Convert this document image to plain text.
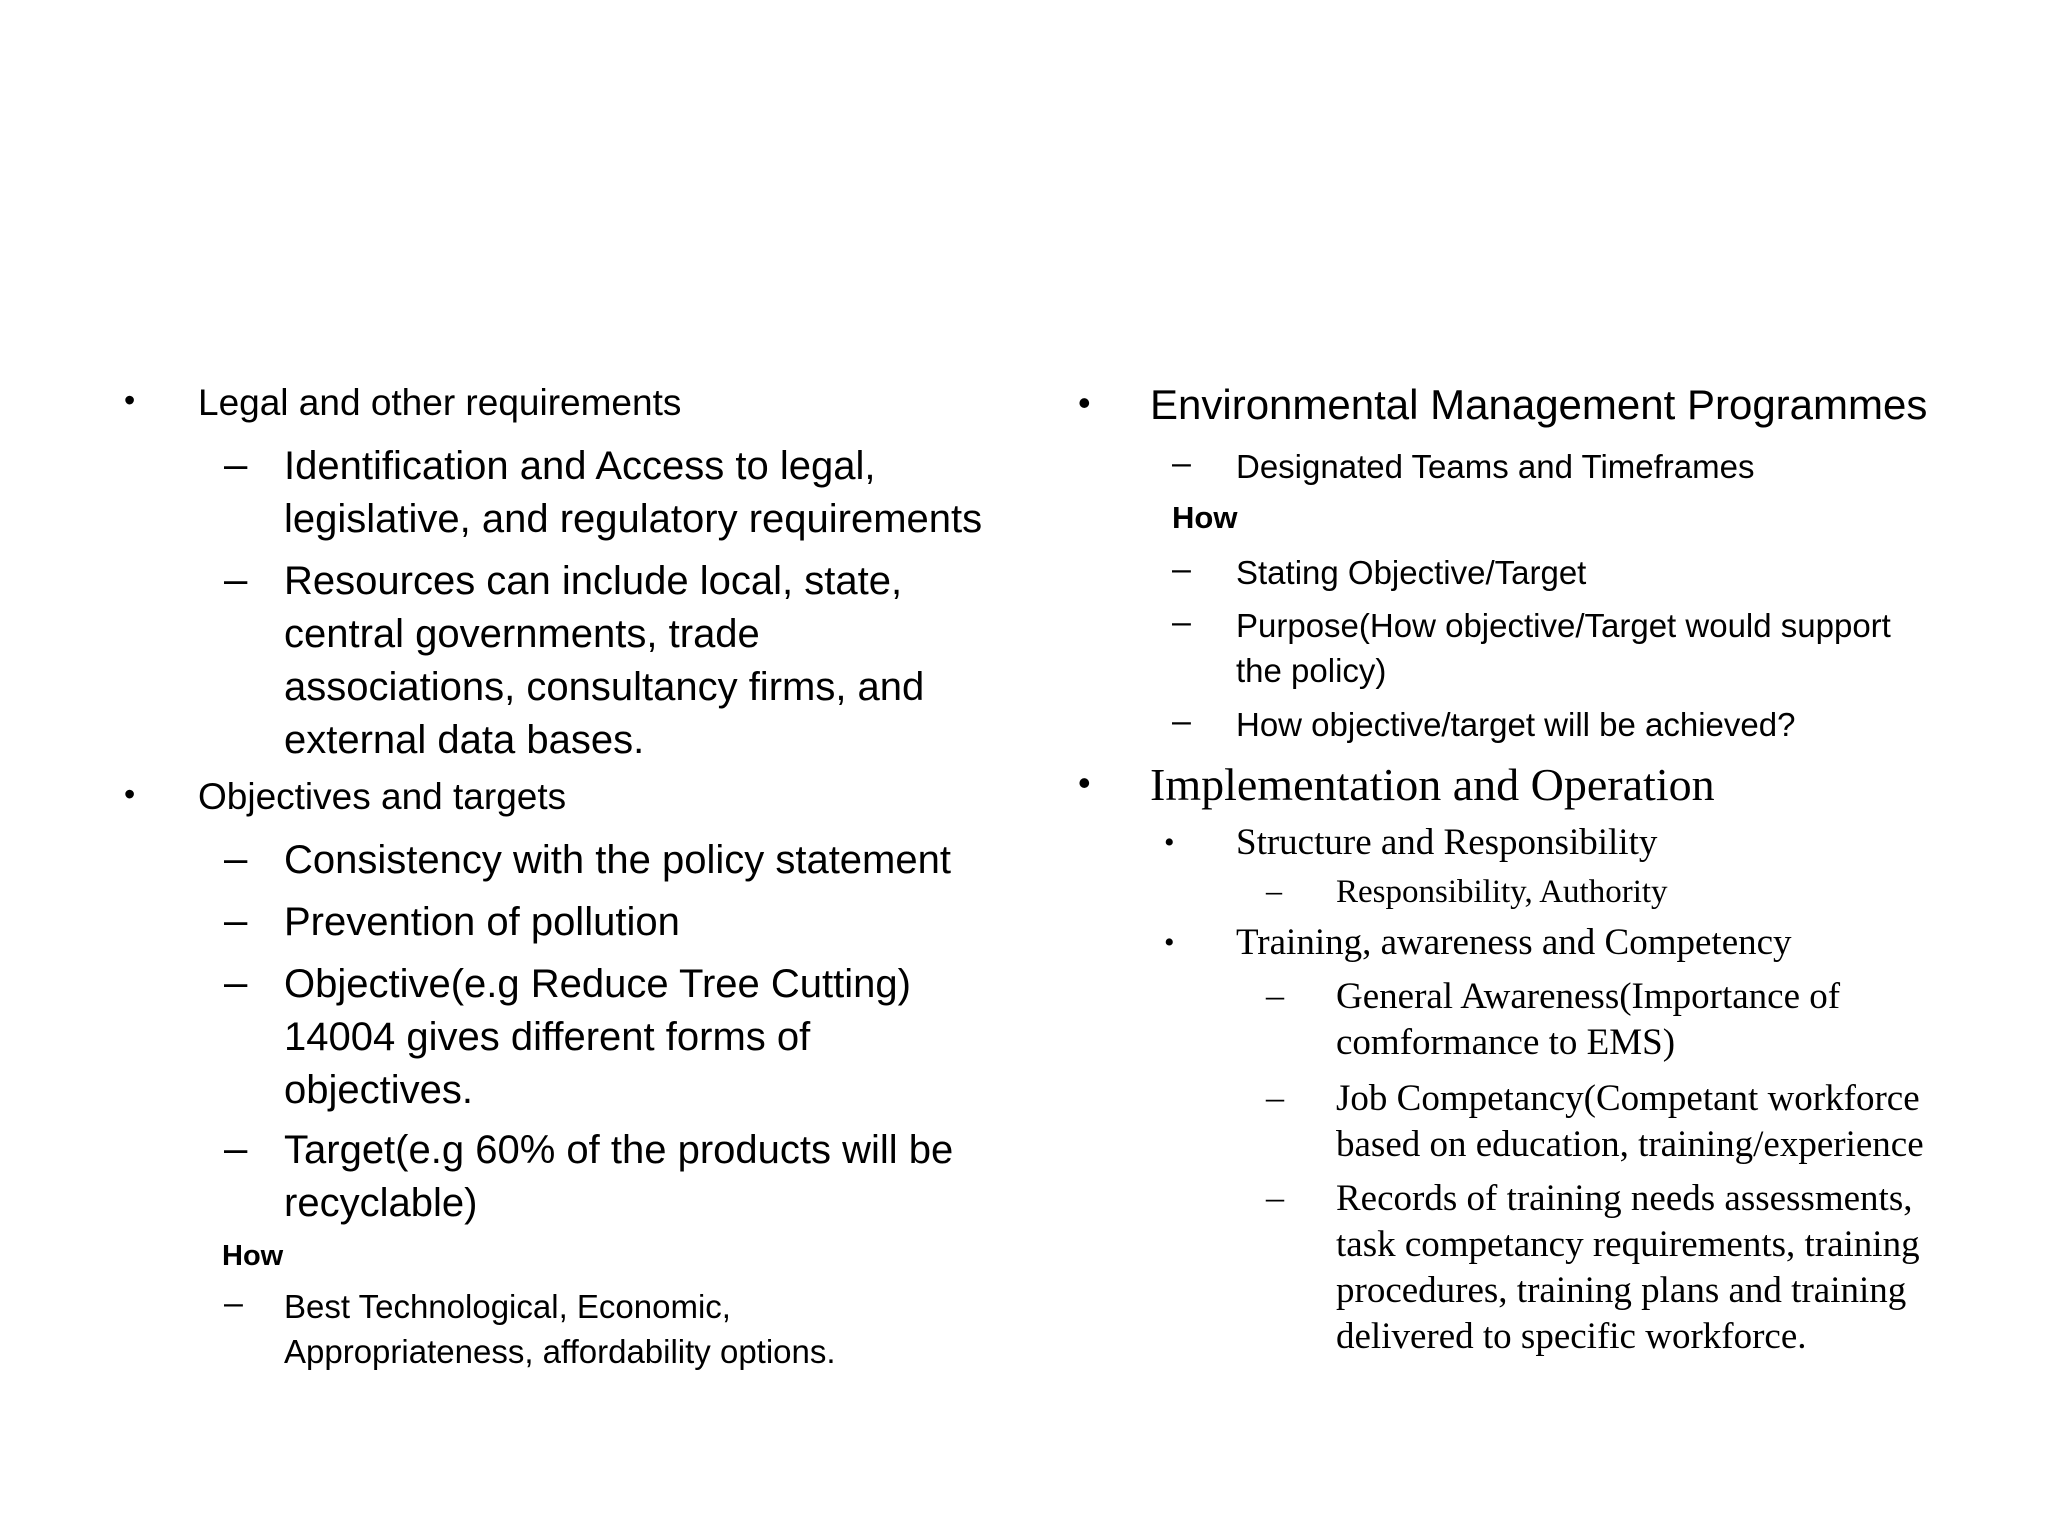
• Legal and other requirements
– Identification and Access to legal,
legislative, and regulatory requirements
– Resources can include local, state,
central governments, trade
associations, consultancy firms, and
external data bases.
• Objectives and targets
– Consistency with the policy statement
– Prevention of pollution
– Objective(e.g Reduce Tree Cutting)
14004 gives different forms of
objectives.
– Target(e.g 60% of the products will be
recyclable)
How
– Best Technological, Economic,
Appropriateness, affordability options.
• Environmental Management Programmes
– Designated Teams and Timeframes
How
– Stating Objective/Target
– Purpose(How objective/Target would support
the policy)
– How objective/target will be achieved?
• Implementation and Operation
• Structure and Responsibility
– Responsibility, Authority
• Training, awareness and Competency
– General Awareness(Importance of
comformance to EMS)
– Job Competancy(Competant workforce
based on education, training/experience
– Records of training needs assessments,
task competancy requirements, training
procedures, training plans and training
delivered to specific workforce.
